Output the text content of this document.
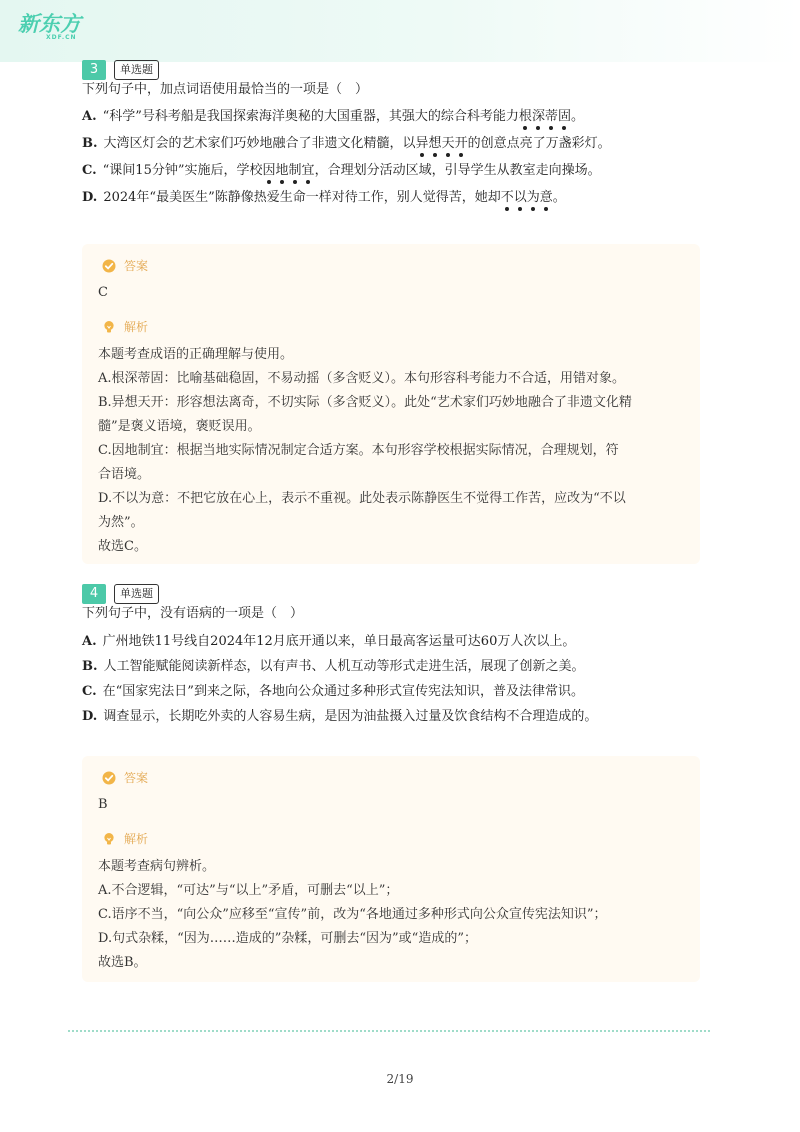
新东方
XDF.CN
3	单选题
下列句子中，加点词语使用最恰当的一项是（　）
A. “科学”号科考船是我国探索海洋奥秘的大国重器，其强大的综合科考能力根深蒂固。
B. 大湾区灯会的艺术家们巧妙地融合了非遗文化精髓，以异想天开的创意点亮了万盏彩灯。
C. “课间15分钟”实施后，学校因地制宜，合理划分活动区域，引导学生从教室走向操场。
D. 2024年“最美医生”陈静像热爱生命一样对待工作，别人觉得苦，她却不以为意。
答案
C
解析
本题考查成语的正确理解与使用。
A.根深蒂固：比喻基础稳固，不易动摇（多含贬义）。本句形容科考能力不合适，用错对象。
B.异想天开：形容想法离奇，不切实际（多含贬义）。此处“艺术家们巧妙地融合了非遗文化精
髓”是褒义语境，褒贬误用。
C.因地制宜：根据当地实际情况制定合适方案。本句形容学校根据实际情况，合理规划，符
合语境。
D.不以为意：不把它放在心上，表示不重视。此处表示陈静医生不觉得工作苦，应改为“不以
为然”。
故选C。
4	单选题
下列句子中，没有语病的一项是（　）
A. 广州地铁11号线自2024年12月底开通以来，单日最高客运量可达60万人次以上。
B. 人工智能赋能阅读新样态，以有声书、人机互动等形式走进生活，展现了创新之美。
C. 在“国家宪法日”到来之际，各地向公众通过多种形式宣传宪法知识，普及法律常识。
D. 调查显示，长期吃外卖的人容易生病，是因为油盐摄入过量及饮食结构不合理造成的。
答案
B
解析
本题考查病句辨析。
A.不合逻辑，“可达”与“以上”矛盾，可删去“以上”；
C.语序不当，“向公众”应移至“宣传”前，改为“各地通过多种形式向公众宣传宪法知识”；
D.句式杂糅，“因为……造成的”杂糅，可删去“因为”或“造成的”；
故选B。
2/19
